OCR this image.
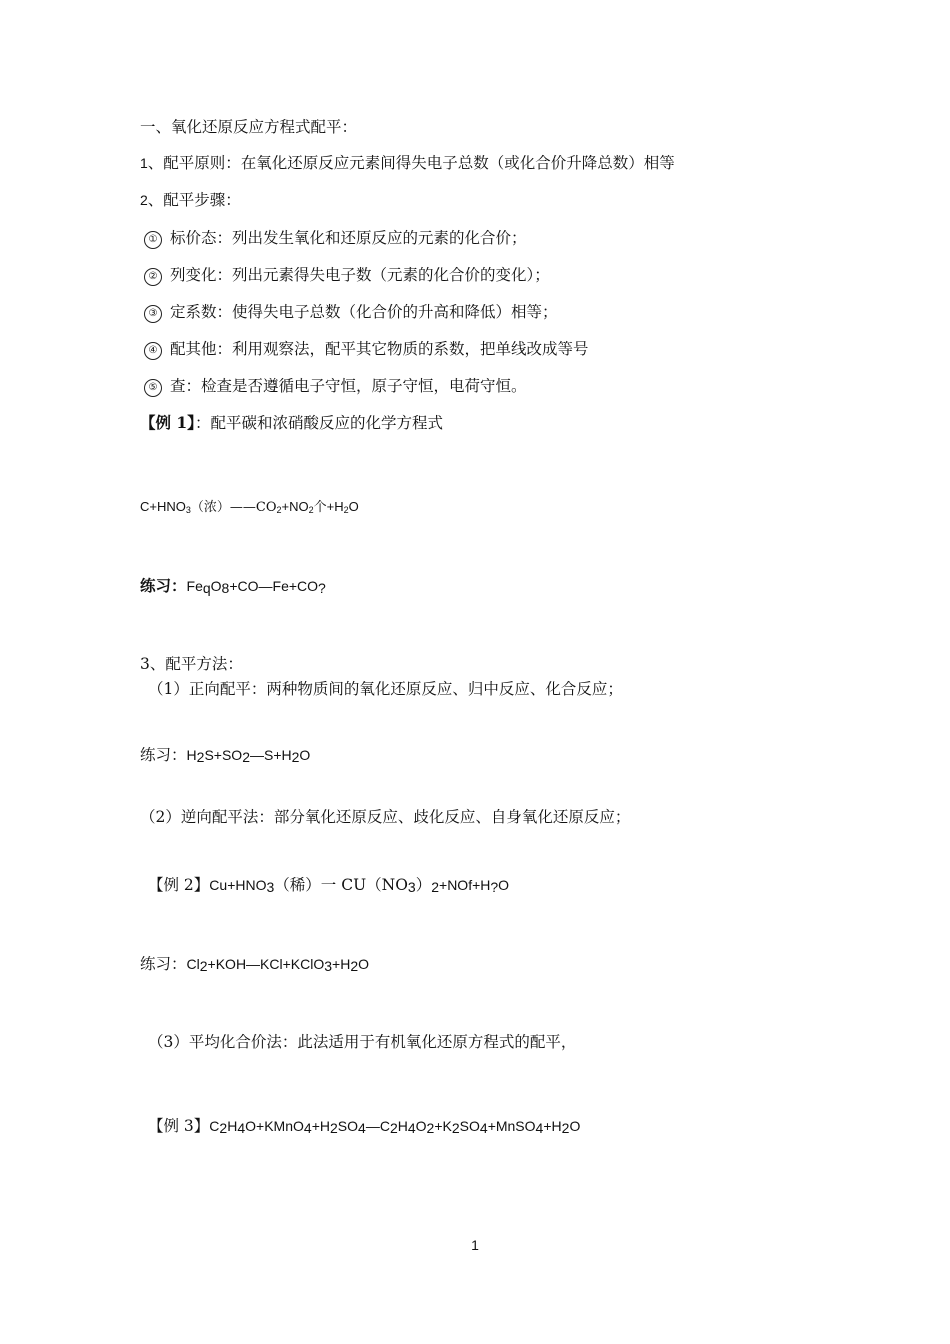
一、氧化还原反应方程式配平：
1、配平原则：在氧化还原反应元素间得失电子总数（或化合价升降总数）相等
2、配平步骤：
① 标价态：列出发生氧化和还原反应的元素的化合价；
② 列变化：列出元素得失电子数（元素的化合价的变化）；
③ 定系数：使得失电子总数（化合价的升高和降低）相等；
④ 配其他：利用观察法，配平其它物质的系数，把单线改成等号
⑤ 查：检查是否遵循电子守恒，原子守恒，电荷守恒。
【例 1】：配平碳和浓硝酸反应的化学方程式
$C+HNO_3$（浓）$——CO_2+NO_2$个$+H_2O$
练习：$Fe_qO_8+CO—Fe+CO_?$
3、配平方法：
（1）正向配平：两种物质间的氧化还原反应、归中反应、化合反应；
练习：$H_2S+SO_2—S+H_2O$
（2）逆向配平法：部分氧化还原反应、歧化反应、自身氧化还原反应；
【例 2】$Cu+HNO_3$（稀）一 $CU(NO_3)_2+NOf+H_?O$
练习：$Cl_2+KOH—KCl+KClO_3+H_2O$
（3）平均化合价法：此法适用于有机氧化还原方程式的配平，
【例 3】$C_2H_4O+KMnO_4+H_2SO_4—C_2H_4O_2+K_2SO_4+MnSO_4+H_2O$
1
